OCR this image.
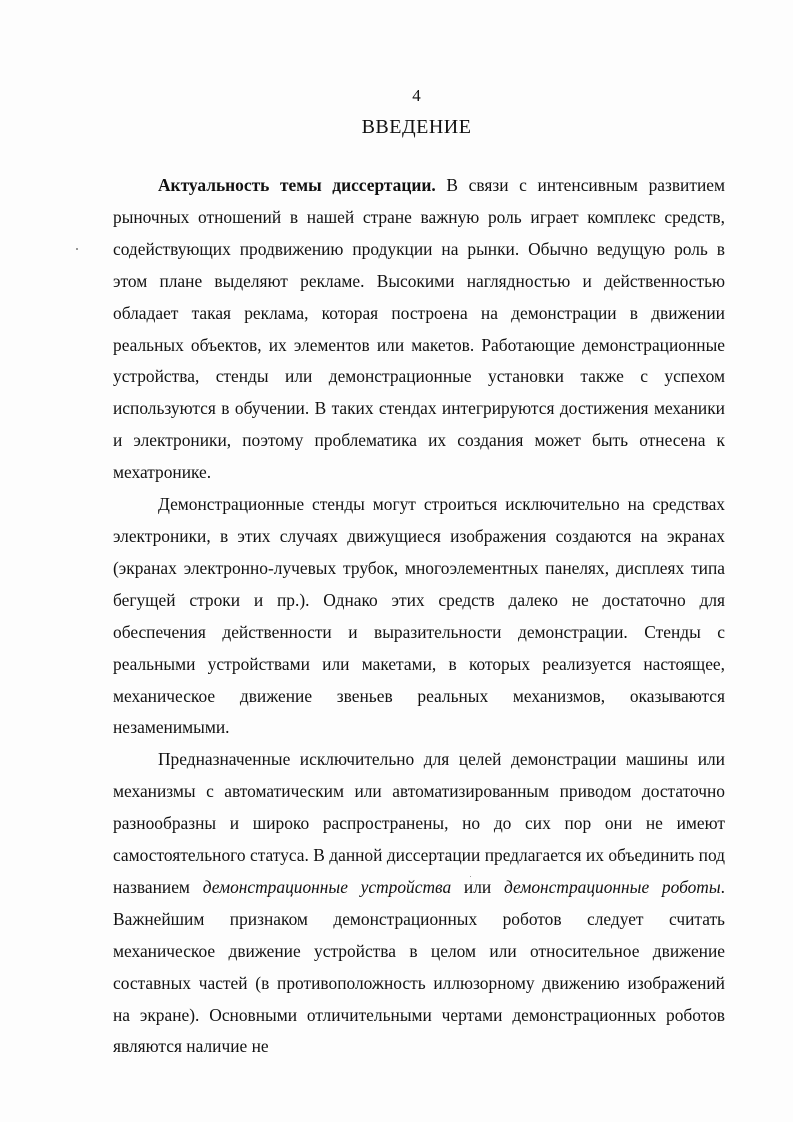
4
ВВЕДЕНИЕ

Актуальность темы диссертации. В связи с интенсивным развитием рыночных отношений в нашей стране важную роль играет комплекс средств, содействующих продвижению продукции на рынки. Обычно ведущую роль в этом плане выделяют рекламе. Высокими наглядностью и действенностью обладает такая реклама, которая построена на демонстрации в движении реальных объектов, их элементов или макетов. Работающие демонстрационные устройства, стенды или демонстрационные установки также с успехом используются в обучении. В таких стендах интегрируются достижения механики и электроники, поэтому проблематика их создания может быть отнесена к мехатронике.

Демонстрационные стенды могут строиться исключительно на средствах электроники, в этих случаях движущиеся изображения создаются на экранах (экранах электронно-лучевых трубок, многоэлементных панелях, дисплеях типа бегущей строки и пр.). Однако этих средств далеко не достаточно для обеспечения действенности и выразительности демонстрации. Стенды с реальными устройствами или макетами, в которых реализуется настоящее, механическое движение звеньев реальных механизмов, оказываются незаменимыми.

Предназначенные исключительно для целей демонстрации машины или механизмы с автоматическим или автоматизированным приводом достаточно разнообразны и широко распространены, но до сих пор они не имеют самостоятельного статуса. В данной диссертации предлагается их объединить под названием демонстрационные устройства или демонстрационные роботы. Важнейшим признаком демонстрационных роботов следует считать механическое движение устройства в целом или относительное движение составных частей (в противоположность иллюзорному движению изображений на экране). Основными отличительными чертами демонстрационных роботов являются наличие не
